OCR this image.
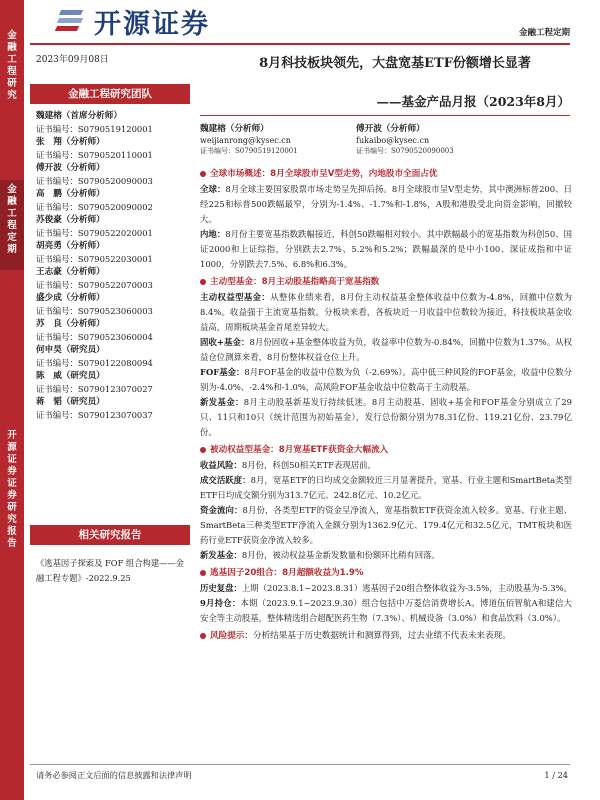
金融工程研究
金融工程定期
开源证券 证券研究报告
开源证券	金融工程定期
2023年09月08日
金融工程研究团队
魏建榕（首席分析师）
证书编号：S0790519120001
张　翔（分析师）
证书编号：S0790520110001
傅开波（分析师）
证书编号：S0790520090003
高　鹏（分析师）
证书编号：S0790520090002
苏俊豪（分析师）
证书编号：S0790522020001
胡亮勇（分析师）
证书编号：S0790522030001
王志豪（分析师）
证书编号：S0790522070003
盛少成（分析师）
证书编号：S0790523060003
苏　良（分析师）
证书编号：S0790523060004
何申昊（研究员）
证书编号：S0790122080094
陈　威（研究员）
证书编号：S0790123070027
蒋　韬（研究员）
证书编号：S0790123070037
相关研究报告
《逃基因子探索及 FOF 组合构建——金融工程专题》-2022.9.25
8月科技板块领先，大盘宽基ETF份额增长显著
——基金产品月报（2023年8月）
魏建榕（分析师）
weijianrong@kysec.cn
证书编号：S0790519120001
傅开波（分析师）
fukaibo@kysec.cn
证书编号：S0790520090003
全球市场概述：8月全球股市呈V型走势，内地股市全面占优

全球：8月全球主要国家股票市场走势呈先抑后扬。8月全球股市呈V型走势，其中澳洲标普200、日经225和标普500跌幅最窄，分别为-1.4%、-1.7%和-1.8%，A股和港股受北向资金影响，回撤较大。

内地：8月份主要宽基指数跌幅接近，科创50跌幅相对较小。其中跌幅最小的宽基指数为科创50、国证2000和上证综指，分别跌去2.7%、5.2%和5.2%；跌幅最深的是中小100、深证成指和中证1000，分别跌去7.5%、6.8%和6.3%。

主动型基金：8月主动股基指略高于宽基指数

主动权益型基金：从整体业绩来看，8月份主动权益基金整体收益中位数为-4.8%，回撤中位数为8.4%。收益强于主流宽基指数。分板块来看，各板块近一月收益中位数较为接近，科技板块基金收益高，周期板块基金首尾差异较大。

固收+基金：8月份固收+基金整体收益为负，收益率中位数为-0.84%，回撤中位数为1.37%。从权益仓位测算来看，8月份整体权益仓位上升。

FOF基金：8月FOF基金的收益中位数为负（-2.69%）。高中低三种风险的FOF基金，收益中位数分别为-4.0%、-2.4%和-1.0%，高风险FOF基金收益中位数高于主动股基。

新发基金：8月主动股基新基发行持续低迷。8月主动股基、固收+基金和FOF基金分别成立了29只、11只和10只（统计范围为初始基金），发行总份额分别为78.31亿份、119.21亿份、23.79亿份。

被动权益型基金：8月宽基ETF获资金大幅流入

收益风险：8月份，科创50相关ETF表现居前。

成交活跃度：8月，宽基ETF的日均成交金额较近三月显著提升，宽基、行业主题和SmartBeta类型ETF日均成交额分别为313.7亿元、242.8亿元、10.2亿元。

资金流向：8月份，各类型ETF的资金呈净流入，宽基指数ETF获资金流入较多。宽基、行业主题、SmartBeta三种类型ETF净流入金额分别为1362.9亿元、179.4亿元和32.5亿元，TMT板块和医药行业ETF获资金净流入较多。

新发基金：8月份，被动权益基金新发数量和份额环比稍有回落。

逃基因子20组合：8月超额收益为1.9%

历史复盘：上期（2023.8.1~2023.8.31）逃基因子20组合整体收益为-3.5%，主动股基为-5.3%。

9月持仓：本期（2023.9.1~2023.9.30）组合包括中万菱信消费增长A、博道伍佰智航A和建信大安全等主动股基，整体精选组合超配医药生物（7.3%）、机械设备（3.0%）和食品饮料（3.0%）。

风险提示：分析结果基于历史数据统计和测算得到，过去业绩不代表未来表现。
请务必参阅正文后面的信息披露和法律声明	1 / 24
